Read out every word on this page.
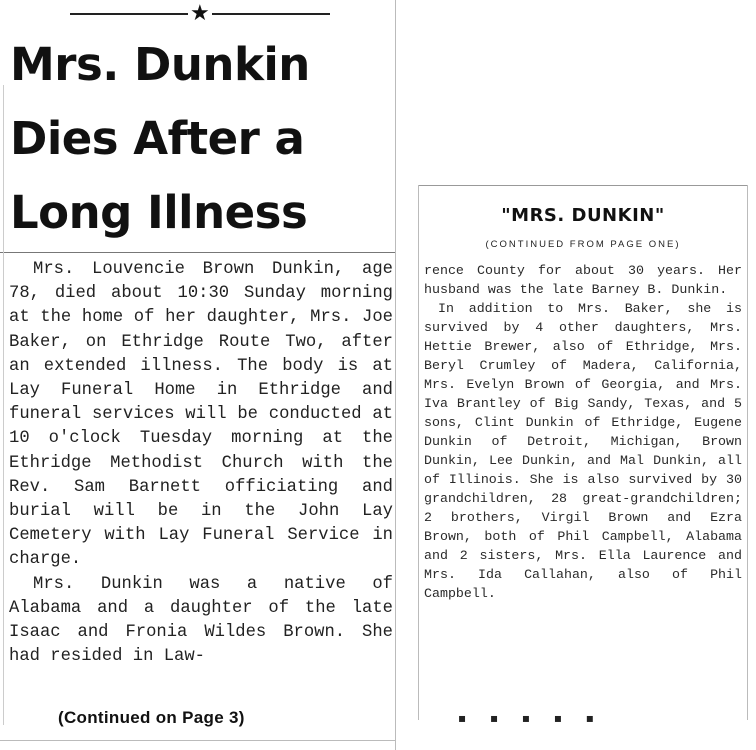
★
Mrs. Dunkin
Dies After a
Long Illness

Mrs. Louvencie Brown Dunkin, age 78, died about 10:30 Sunday morning at the home of her daughter, Mrs. Joe Baker, on Ethridge Route Two, after an extended illness. The body is at Lay Funeral Home in Ethridge and funeral services will be conducted at 10 o'clock Tuesday morning at the Ethridge Methodist Church with the Rev. Sam Barnett officiating and burial will be in the John Lay Cemetery with Lay Funeral Service in charge.

Mrs. Dunkin was a native of Alabama and a daughter of the late Isaac and Fronia Wildes Brown. She had resided in Law-

(Continued on Page 3)
"MRS. DUNKIN"
(CONTINUED FROM PAGE ONE)

rence County for about 30 years. Her husband was the late Barney B. Dunkin.

In addition to Mrs. Baker, she is survived by 4 other daughters, Mrs. Hettie Brewer, also of Ethridge, Mrs. Beryl Crumley of Madera, California, Mrs. Evelyn Brown of Georgia, and Mrs. Iva Brantley of Big Sandy, Texas, and 5 sons, Clint Dunkin of Ethridge, Eugene Dunkin of Detroit, Michigan, Brown Dunkin, Lee Dunkin, and Mal Dunkin, all of Illinois. She is also survived by 30 grandchildren, 28 great-grandchildren; 2 brothers, Virgil Brown and Ezra Brown, both of Phil Campbell, Alabama and 2 sisters, Mrs. Ella Laurence and Mrs. Ida Callahan, also of Phil Campbell.

▪ ▪ ▪ ▪ ▪
